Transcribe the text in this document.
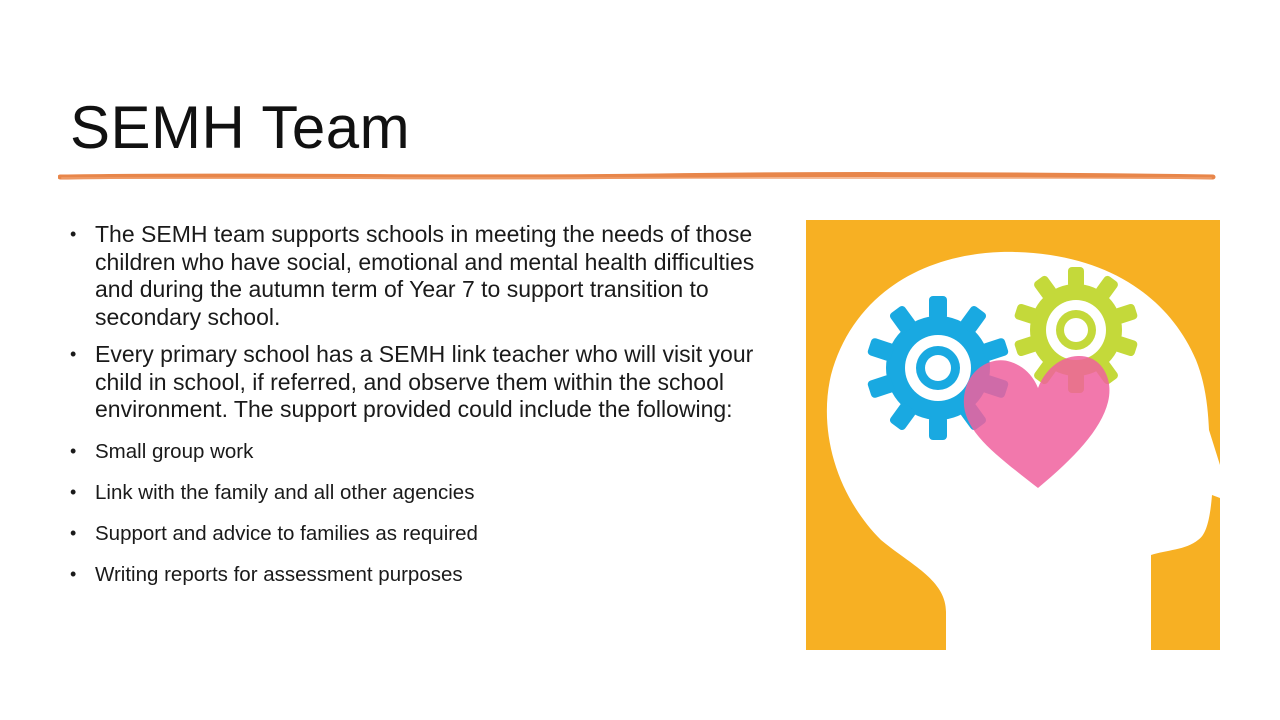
SEMH Team
• The SEMH team supports schools in meeting the needs of those children who have social, emotional and mental health difficulties and during the autumn term of Year 7 to support transition to secondary school.
• Every primary school has a SEMH link teacher who will visit your child in school, if referred, and observe them within the school environment. The support provided could include the following:
• Small group work
• Link with the family and all other agencies
• Support and advice to families as required
• Writing reports for assessment purposes
